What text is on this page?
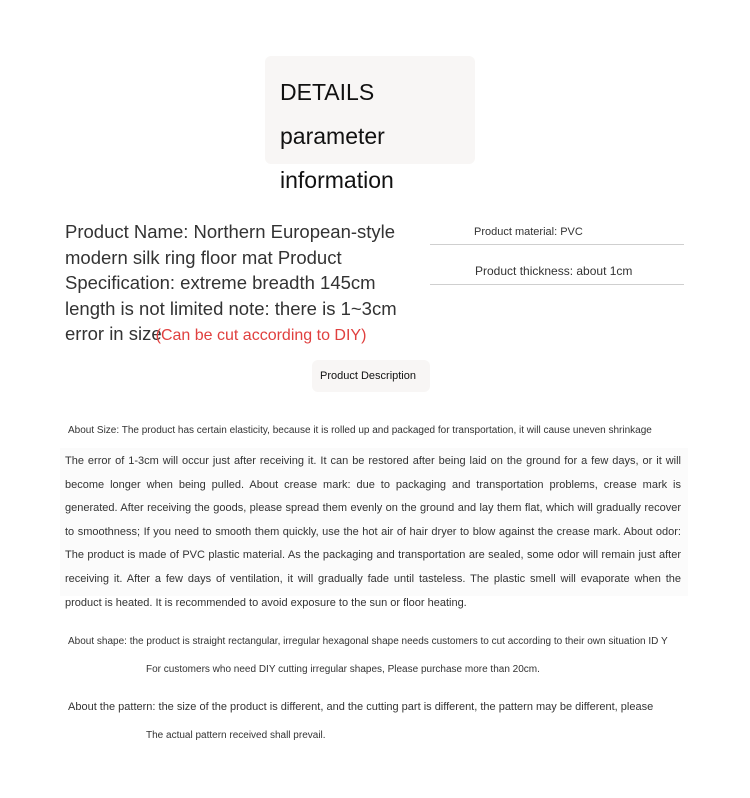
DETAILS parameter information
Product Name: Northern European-style modern silk ring floor mat Product Specification: extreme breadth 145cm length is not limited note: there is 1~3cm error in size(Can be cut according to DIY)
Product material: PVC
Product thickness: about 1cm
Product Description
About Size: The product has certain elasticity, because it is rolled up and packaged for transportation, it will cause uneven shrinkage
The error of 1-3cm will occur just after receiving it. It can be restored after being laid on the ground for a few days, or it will become longer when being pulled. About crease mark: due to packaging and transportation problems, crease mark is generated. After receiving the goods, please spread them evenly on the ground and lay them flat, which will gradually recover to smoothness; If you need to smooth them quickly, use the hot air of hair dryer to blow against the crease mark. About odor: The product is made of PVC plastic material. As the packaging and transportation are sealed, some odor will remain just after receiving it. After a few days of ventilation, it will gradually fade until tasteless. The plastic smell will evaporate when the product is heated. It is recommended to avoid exposure to the sun or floor heating.
About shape: the product is straight rectangular, irregular hexagonal shape needs customers to cut according to their own situation ID Y
For customers who need DIY cutting irregular shapes, Please purchase more than 20cm.
About the pattern: the size of the product is different, and the cutting part is different, the pattern may be different, please
The actual pattern received shall prevail.
